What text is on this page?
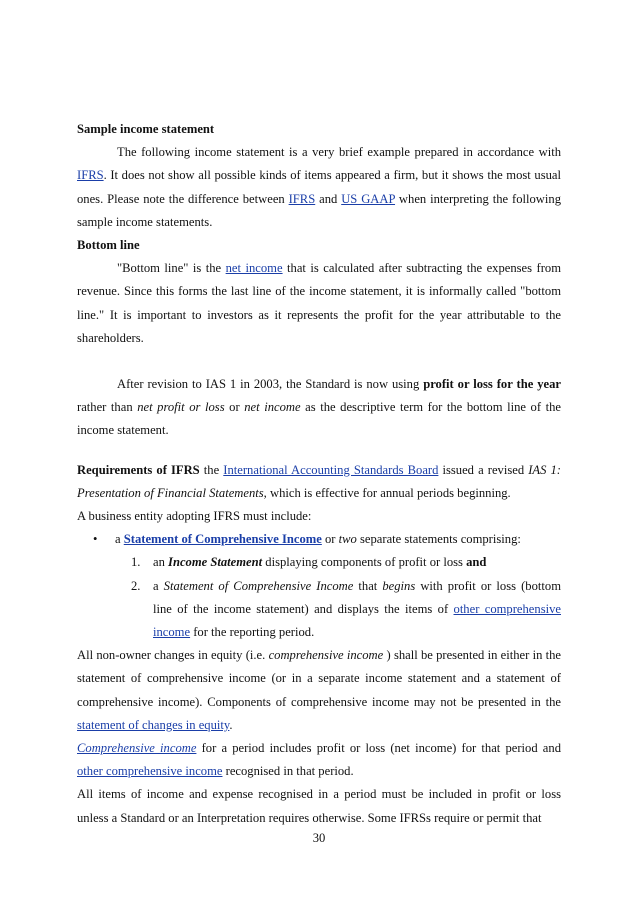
Sample income statement

The following income statement is a very brief example prepared in accordance with IFRS. It does not show all possible kinds of items appeared a firm, but it shows the most usual ones. Please note the difference between IFRS and US GAAP when interpreting the following sample income statements.

Bottom line

"Bottom line" is the net income that is calculated after subtracting the expenses from revenue. Since this forms the last line of the income statement, it is informally called "bottom line." It is important to investors as it represents the profit for the year attributable to the shareholders.

After revision to IAS 1 in 2003, the Standard is now using profit or loss for the year rather than net profit or loss or net income as the descriptive term for the bottom line of the income statement.

Requirements of IFRS the International Accounting Standards Board issued a revised IAS 1: Presentation of Financial Statements, which is effective for annual periods beginning.

A business entity adopting IFRS must include:

• a Statement of Comprehensive Income or two separate statements comprising:
1. an Income Statement displaying components of profit or loss and
2. a Statement of Comprehensive Income that begins with profit or loss (bottom line of the income statement) and displays the items of other comprehensive income for the reporting period.

All non-owner changes in equity (i.e. comprehensive income ) shall be presented in either in the statement of comprehensive income (or in a separate income statement and a statement of comprehensive income). Components of comprehensive income may not be presented in the statement of changes in equity.

Comprehensive income for a period includes profit or loss (net income) for that period and other comprehensive income recognised in that period.

All items of income and expense recognised in a period must be included in profit or loss unless a Standard or an Interpretation requires otherwise. Some IFRSs require or permit that

30
